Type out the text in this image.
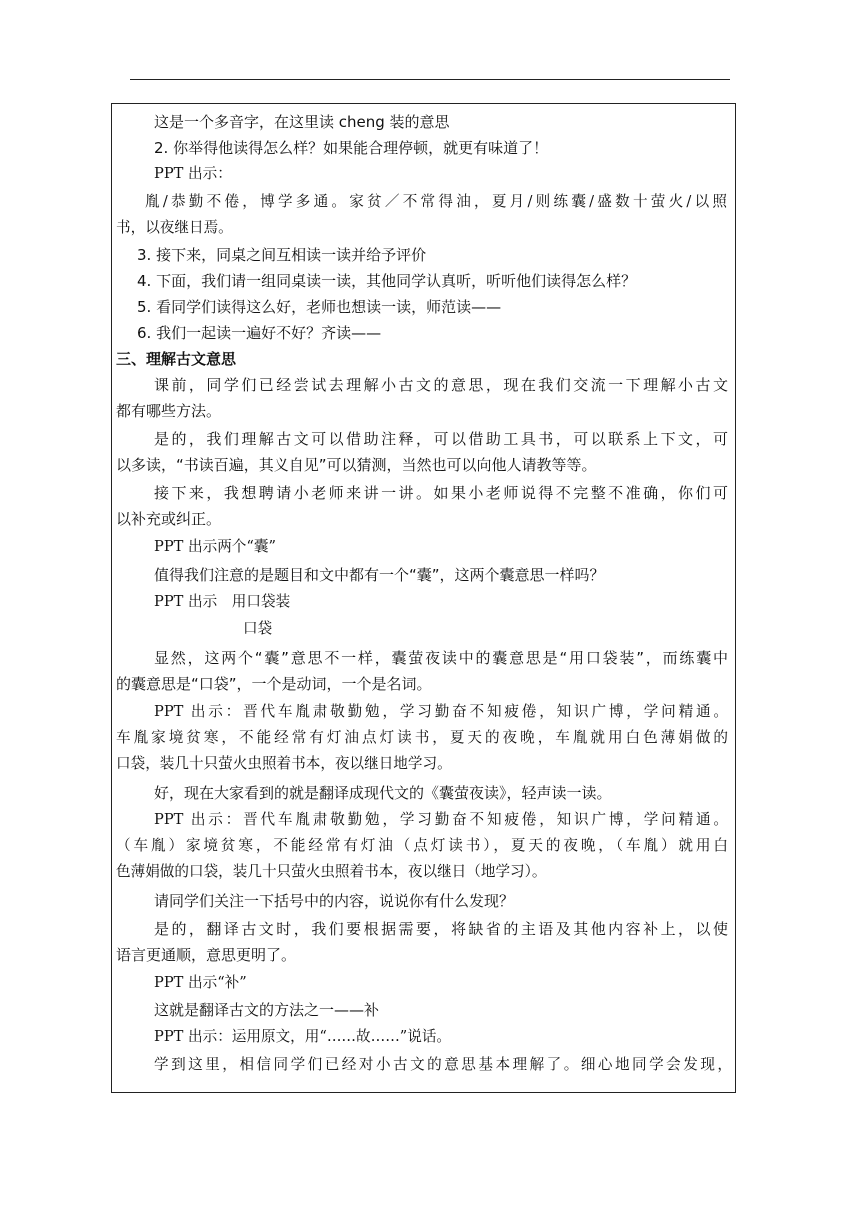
这是一个多音字，在这里读 cheng 装的意思

2. 你举得他读得怎么样？如果能合理停顿，就更有味道了！

PPT 出示：

胤/恭勤不倦，博学多通。家贫／不常得油，夏月/则练囊/盛数十萤火/以照

书，以夜继日焉。

3. 接下来，同桌之间互相读一读并给予评价

4. 下面，我们请一组同桌读一读，其他同学认真听，听听他们读得怎么样？

5. 看同学们读得这么好，老师也想读一读，师范读——

6. 我们一起读一遍好不好？齐读——

三、理解古文意思

课前，同学们已经尝试去理解小古文的意思，现在我们交流一下理解小古文

都有哪些方法。

是的，我们理解古文可以借助注释，可以借助工具书，可以联系上下文，可

以多读，“书读百遍，其义自见”可以猜测，当然也可以向他人请教等等。

接下来，我想聘请小老师来讲一讲。如果小老师说得不完整不准确，你们可

以补充或纠正。

PPT 出示两个“囊”

值得我们注意的是题目和文中都有一个“囊”，这两个囊意思一样吗？

PPT 出示　用口袋装

口袋

显然，这两个“囊”意思不一样，囊萤夜读中的囊意思是“用口袋装”，而练囊中

的囊意思是“口袋”，一个是动词，一个是名词。

PPT 出示：晋代车胤肃敬勤勉，学习勤奋不知疲倦，知识广博，学问精通。

车胤家境贫寒，不能经常有灯油点灯读书，夏天的夜晚，车胤就用白色薄娟做的

口袋，装几十只萤火虫照着书本，夜以继日地学习。

好，现在大家看到的就是翻译成现代文的《囊萤夜读》，轻声读一读。

PPT 出示：晋代车胤肃敬勤勉，学习勤奋不知疲倦，知识广博，学问精通。

（车胤）家境贫寒，不能经常有灯油（点灯读书），夏天的夜晚，（车胤）就用白

色薄娟做的口袋，装几十只萤火虫照着书本，夜以继日（地学习）。

请同学们关注一下括号中的内容，说说你有什么发现？

是的，翻译古文时，我们要根据需要，将缺省的主语及其他内容补上，以使

语言更通顺，意思更明了。

PPT 出示“补”

这就是翻译古文的方法之一——补

PPT 出示：运用原文，用“……故……”说话。

学到这里，相信同学们已经对小古文的意思基本理解了。细心地同学会发现，
